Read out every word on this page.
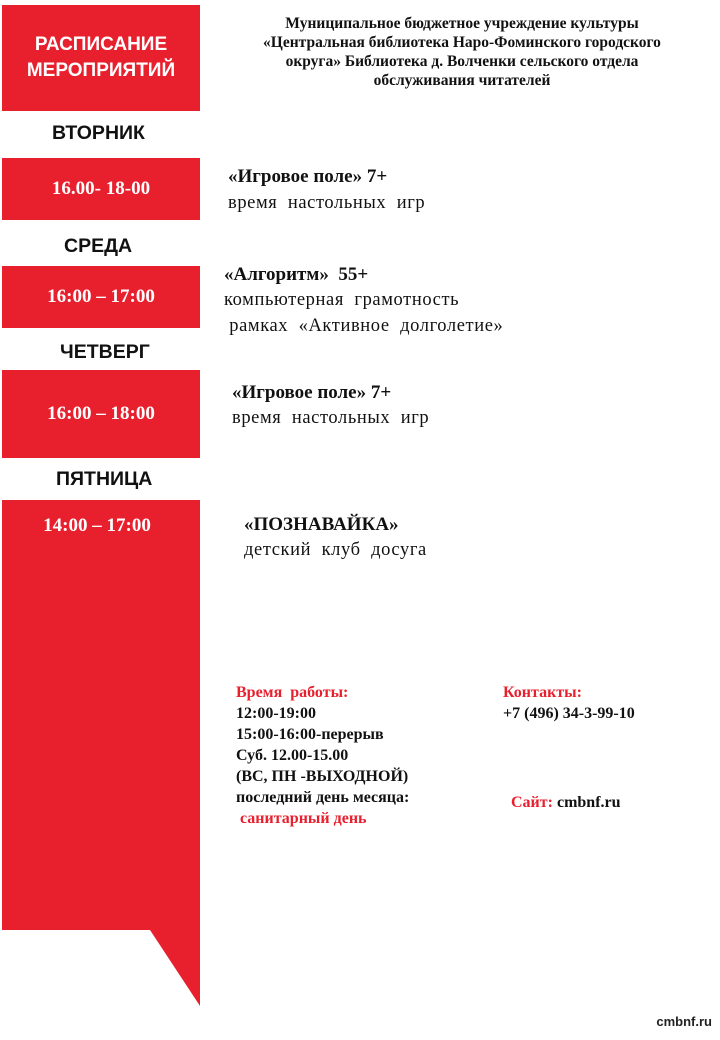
РАСПИСАНИЕ
МЕРОПРИЯТИЙ
Муниципальное бюджетное учреждение культуры
«Центральная библиотека Наро-Фоминского городского
округа» Библиотека д. Волченки сельского отдела
обслуживания читателей
ВТОРНИК
16.00- 18-00
«Игровое поле» 7+
время  настольных  игр
СРЕДА
16:00 – 17:00
«Алгоритм»  55+
компьютерная  грамотность
рамках  «Активное  долголетие»
ЧЕТВЕРГ
16:00 – 18:00
«Игровое поле» 7+
время  настольных  игр
ПЯТНИЦА
14:00 – 17:00	«ПОЗНАВАЙКА»
детский  клуб  досуга
Время  работы:
12:00-19:00
15:00-16:00-перерыв
Суб. 12.00-15.00
(ВС, ПН -ВЫХОДНОЙ)
последний день месяца:
санитарный день
Контакты:
+7 (496) 34-3-99-10
Сайт: cmbnf.ru
cmbnf.ru
